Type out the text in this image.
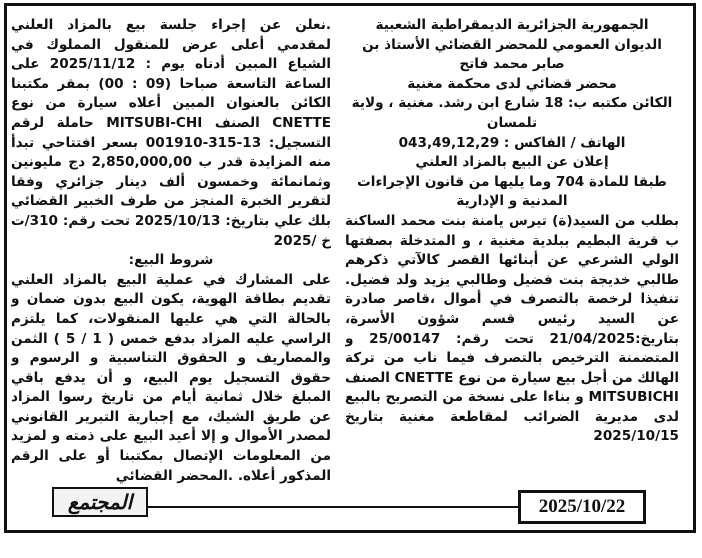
الجمهورية الجزائرية الديمقراطية الشعبية

الديوان العمومي للمحضر القضائي الأستاذ بن صابر محمد فاتح

محضر قضائي لدى محكمة مغنية

الكائن مكتبه ب: 18 شارع ابن رشد. مغنية ، ولاية تلمسان

الهاتف / الفاكس : 043,49,12,29

إعلان عن البيع بالمزاد العلني

طبقا للمادة 704 وما يليها من قانون الإجراءات المدنية و الإدارية

بطلب من السيد(ة) تيرس يامنة بنت محمد الساكنة ب قرية البطيم ببلدية مغنية ، و المتدخلة بصفتها الولي الشرعي عن أبنائها القصر كالآتي ذكرهم طالبي خديجة بنت فضيل وطالبي يزيد ولد فضيل. تنفيذا لرخصة بالتصرف في أموال ،قاصر صادرة عن السيد رئيس قسم شؤون الأسرة، بتاريخ:21/04/2025 تحت رقم: 25/00147 و المتضمنة الترخيص بالتصرف فيما ناب من تركة الهالك من أجل بيع سيارة من نوع CNETTE الصنف MITSUBICHI و بناءا على نسخة من التصريح بالبيع لدى مديرية الضرائب لمقاطعة مغنية بتاريخ 2025/10/15

.نعلن عن إجراء جلسة بيع بالمزاد العلني لمقدمي أعلى عرض للمنقول المملوك في الشياع المبين أدناه يوم : 2025/11/12 على الساعة التاسعة صباحا (09 : 00) بمقر مكتبنا الكائن بالعنوان المبين أعلاه سيارة من نوع CNETTE الصنف MITSUBI-CHI حاملة لرقم التسجيل: 13-315-001910 بسعر افتتاحي تبدأ منه المزايدة قدر ب 2,850,000,00 دج مليونين وثمانمائة وخمسون ألف دينار جزائري وفقا لتقرير الخبرة المنجز من طرف الخبير القضائي بلك علي بتاريخ: 2025/10/13 تحت رقم: 310/ت خ /2025

شروط البيع:

على المشارك في عملية البيع بالمزاد العلني تقديم بطاقة الهوية، يكون البيع بدون ضمان و بالحالة التي هي عليها المنقولات، كما يلتزم الراسي عليه المزاد بدفع خمس ( 1 / 5 ) الثمن والمصاريف و الحقوق التناسبية و الرسوم و حقوق التسجيل يوم البيع، و أن يدفع باقي المبلغ خلال ثمانية أيام من تاريخ رسوا المزاد عن طريق الشيك، مع إجبارية التبرير القانوني لمصدر الأموال و إلا أعيد البيع على ذمته و لمزيد من المعلومات الإتصال بمكتبنا أو على الرقم المذكور أعلاه. .المحضر القضائي

المجتمع	2025/10/22
